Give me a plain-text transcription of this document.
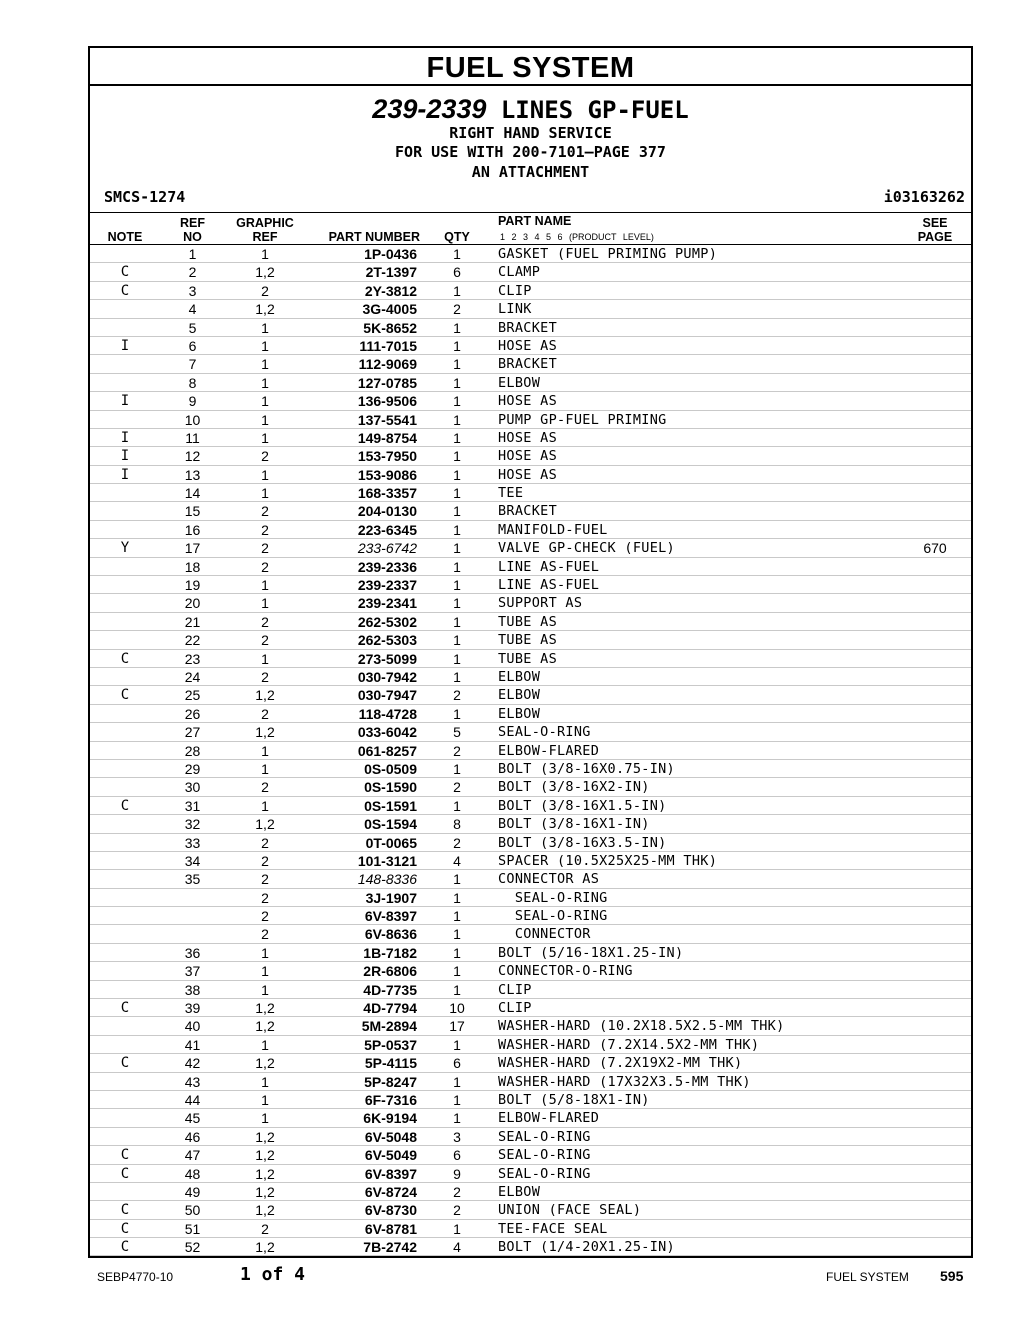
FUEL SYSTEM
239-2339 LINES GP-FUEL
RIGHT HAND SERVICE
FOR USE WITH 200-7101—PAGE 377
AN ATTACHMENT
SMCS-1274	i03163262
NOTE
REF
NO
GRAPHIC
REF	PART NUMBER	QTY
PART NAME
1 2 3 4 5 6 (PRODUCT LEVEL)
SEE
PAGE
1	1	1P-0436	1	GASKET (FUEL PRIMING PUMP)
C	2	1,2	2T-1397	6	CLAMP
C	3	2	2Y-3812	1	CLIP
4	1,2	3G-4005	2	LINK
5	1	5K-8652	1	BRACKET
I	6	1	111-7015	1	HOSE AS
7	1	112-9069	1	BRACKET
8	1	127-0785	1	ELBOW
I	9	1	136-9506	1	HOSE AS
10	1	137-5541	1	PUMP GP-FUEL PRIMING
I	11	1	149-8754	1	HOSE AS
I	12	2	153-7950	1	HOSE AS
I	13	1	153-9086	1	HOSE AS
14	1	168-3357	1	TEE
15	2	204-0130	1	BRACKET
16	2	223-6345	1	MANIFOLD-FUEL
Y	17	2	233-6742	1	VALVE GP-CHECK (FUEL)	670
18	2	239-2336	1	LINE AS-FUEL
19	1	239-2337	1	LINE AS-FUEL
20	1	239-2341	1	SUPPORT AS
21	2	262-5302	1	TUBE AS
22	2	262-5303	1	TUBE AS
C	23	1	273-5099	1	TUBE AS
24	2	030-7942	1	ELBOW
C	25	1,2	030-7947	2	ELBOW
26	2	118-4728	1	ELBOW
27	1,2	033-6042	5	SEAL-O-RING
28	1	061-8257	2	ELBOW-FLARED
29	1	0S-0509	1	BOLT (3/8-16X0.75-IN)
30	2	0S-1590	2	BOLT (3/8-16X2-IN)
C	31	1	0S-1591	1	BOLT (3/8-16X1.5-IN)
32	1,2	0S-1594	8	BOLT (3/8-16X1-IN)
33	2	0T-0065	2	BOLT (3/8-16X3.5-IN)
34	2	101-3121	4	SPACER (10.5X25X25-MM THK)
35	2	148-8336	1	CONNECTOR AS
2	3J-1907	1	SEAL-O-RING
2	6V-8397	1	SEAL-O-RING
2	6V-8636	1	CONNECTOR
36	1	1B-7182	1	BOLT (5/16-18X1.25-IN)
37	1	2R-6806	1	CONNECTOR-O-RING
38	1	4D-7735	1	CLIP
C	39	1,2	4D-7794	10	CLIP
40	1,2	5M-2894	17	WASHER-HARD (10.2X18.5X2.5-MM THK)
41	1	5P-0537	1	WASHER-HARD (7.2X14.5X2-MM THK)
C	42	1,2	5P-4115	6	WASHER-HARD (7.2X19X2-MM THK)
43	1	5P-8247	1	WASHER-HARD (17X32X3.5-MM THK)
44	1	6F-7316	1	BOLT (5/8-18X1-IN)
45	1	6K-9194	1	ELBOW-FLARED
46	1,2	6V-5048	3	SEAL-O-RING
C	47	1,2	6V-5049	6	SEAL-O-RING
C	48	1,2	6V-8397	9	SEAL-O-RING
49	1,2	6V-8724	2	ELBOW
C	50	1,2	6V-8730	2	UNION (FACE SEAL)
C	51	2	6V-8781	1	TEE-FACE SEAL
C	52	1,2	7B-2742	4	BOLT (1/4-20X1.25-IN)
SEBP4770-10	1 of 4	FUEL SYSTEM 595
